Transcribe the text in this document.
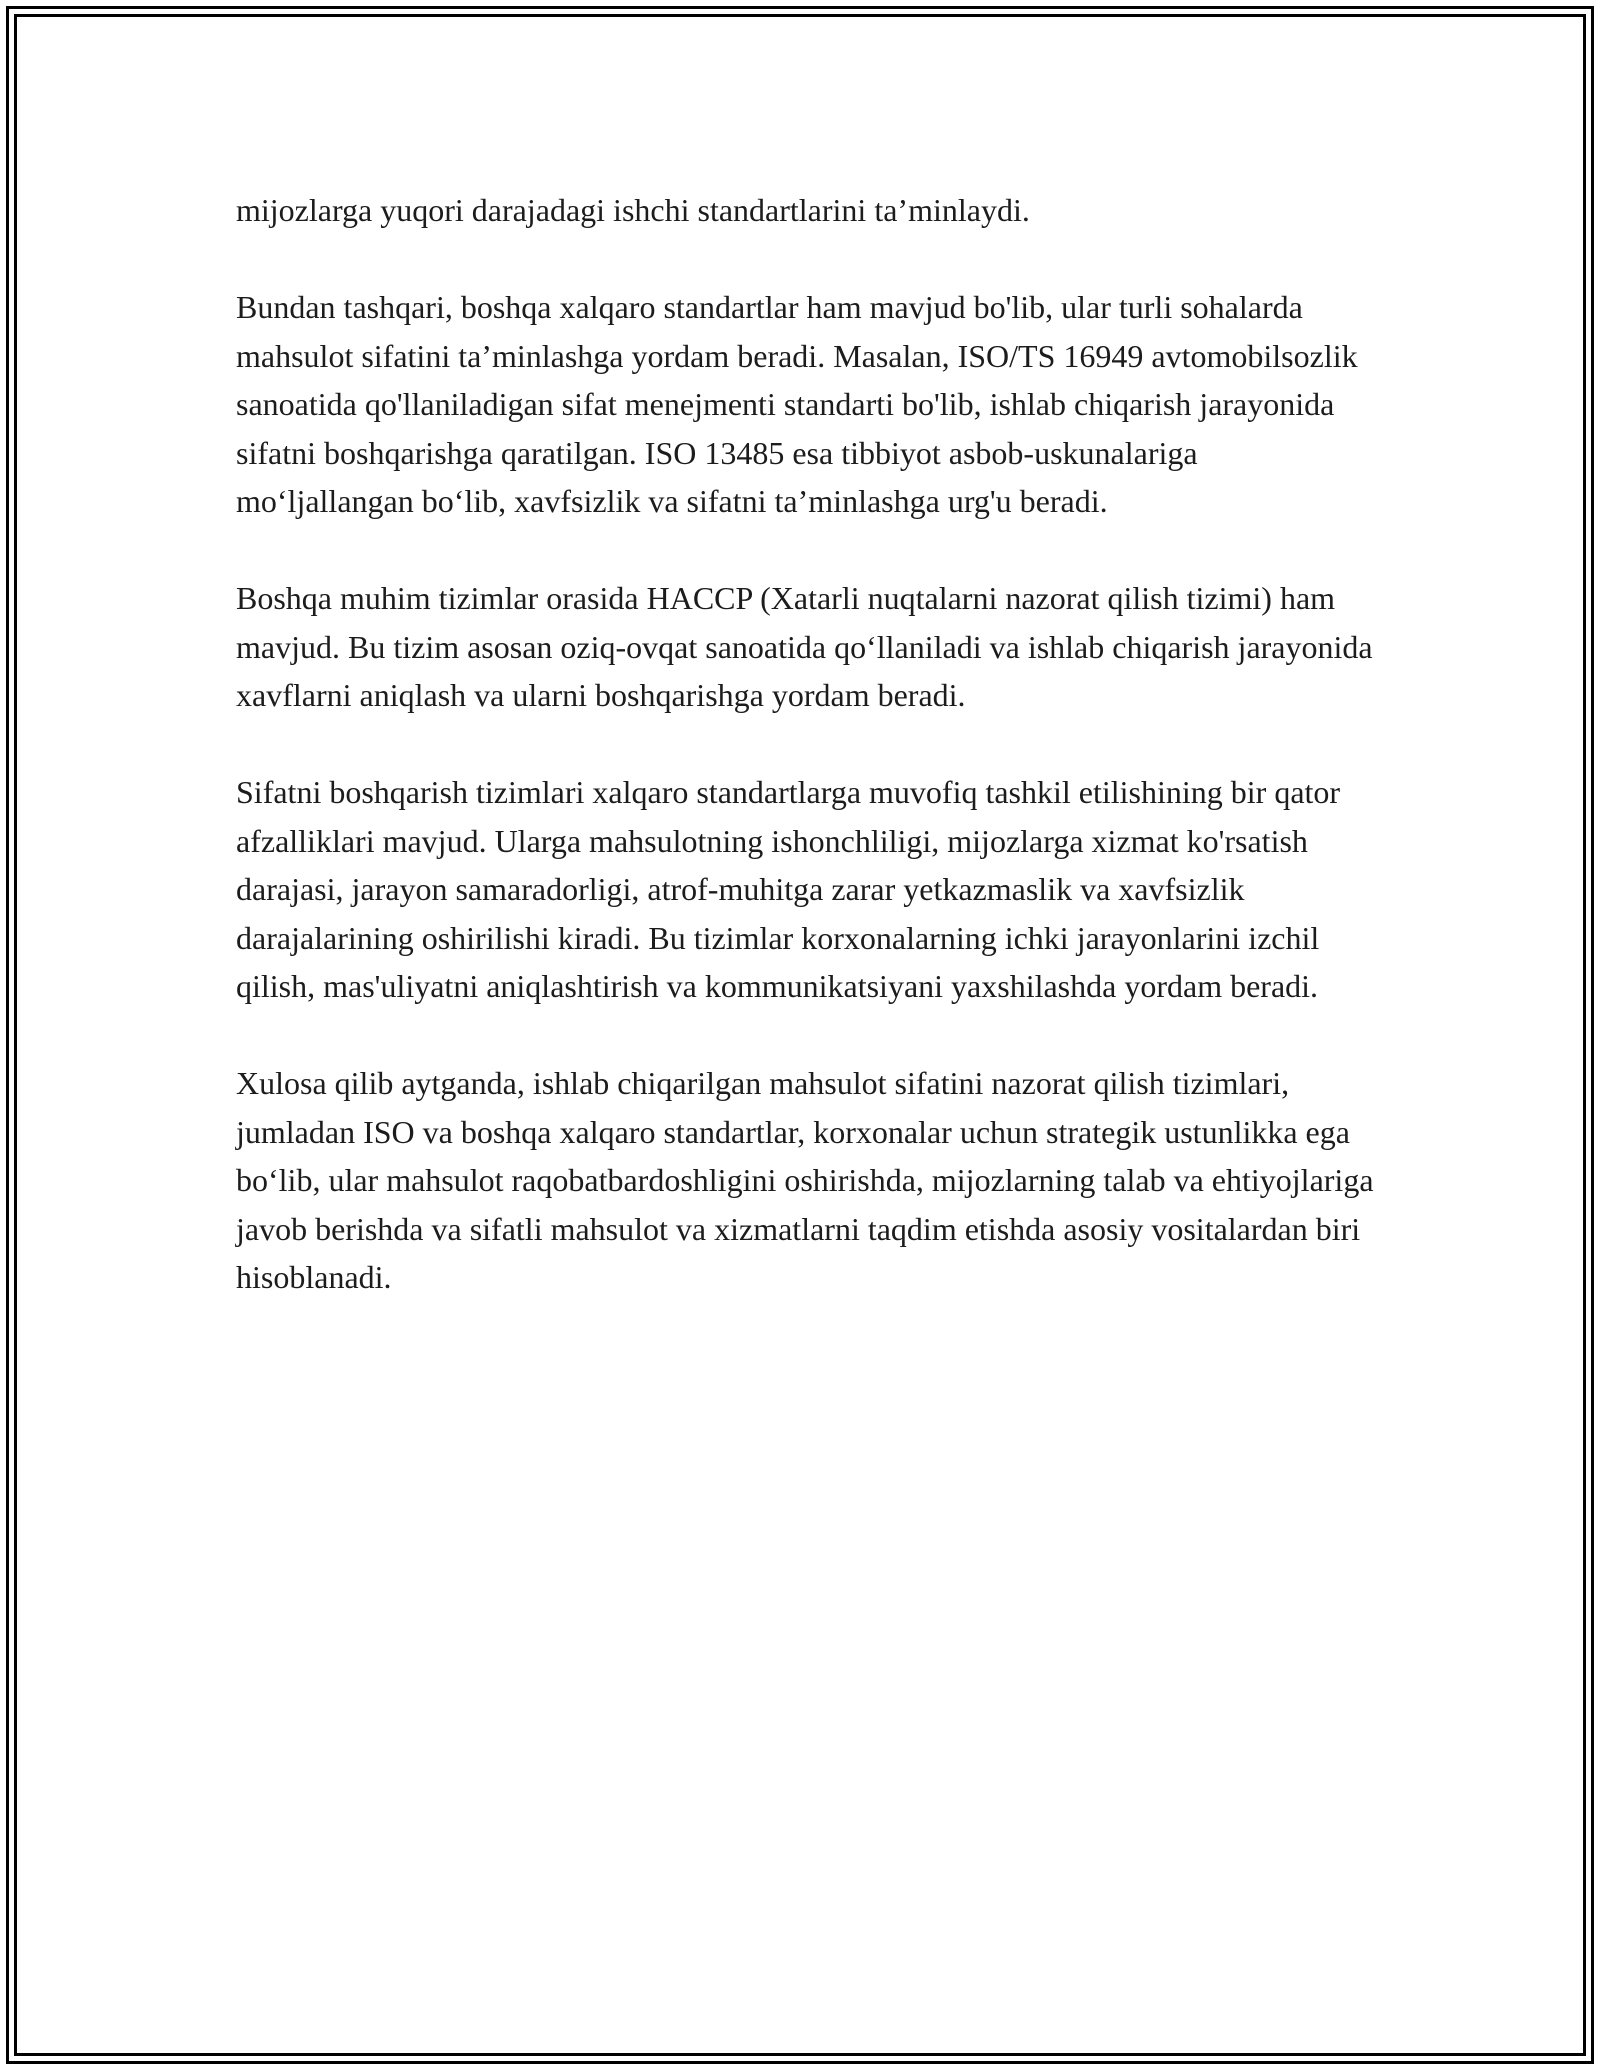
mijozlarga yuqori darajadagi ishchi standartlarini ta’minlaydi.

Bundan tashqari, boshqa xalqaro standartlar ham mavjud bo'lib, ular turli sohalarda mahsulot sifatini ta’minlashga yordam beradi. Masalan, ISO/TS 16949 avtomobilsozlik sanoatida qo'llaniladigan sifat menejmenti standarti bo'lib, ishlab chiqarish jarayonida sifatni boshqarishga qaratilgan. ISO 13485 esa tibbiyot asbob-uskunalariga mo‘ljallangan bo‘lib, xavfsizlik va sifatni ta’minlashga urg'u beradi.

Boshqa muhim tizimlar orasida HACCP (Xatarli nuqtalarni nazorat qilish tizimi) ham mavjud. Bu tizim asosan oziq-ovqat sanoatida qo‘llaniladi va ishlab chiqarish jarayonida xavflarni aniqlash va ularni boshqarishga yordam beradi.

Sifatni boshqarish tizimlari xalqaro standartlarga muvofiq tashkil etilishining bir qator afzalliklari mavjud. Ularga mahsulotning ishonchliligi, mijozlarga xizmat ko'rsatish darajasi, jarayon samaradorligi, atrof-muhitga zarar yetkazmaslik va xavfsizlik darajalarining oshirilishi kiradi. Bu tizimlar korxonalarning ichki jarayonlarini izchil qilish, mas'uliyatni aniqlashtirish va kommunikatsiyani yaxshilashda yordam beradi.

Xulosa qilib aytganda, ishlab chiqarilgan mahsulot sifatini nazorat qilish tizimlari, jumladan ISO va boshqa xalqaro standartlar, korxonalar uchun strategik ustunlikka ega bo‘lib, ular mahsulot raqobatbardoshligini oshirishda, mijozlarning talab va ehtiyojlariga javob berishda va sifatli mahsulot va xizmatlarni taqdim etishda asosiy vositalardan biri hisoblanadi.
